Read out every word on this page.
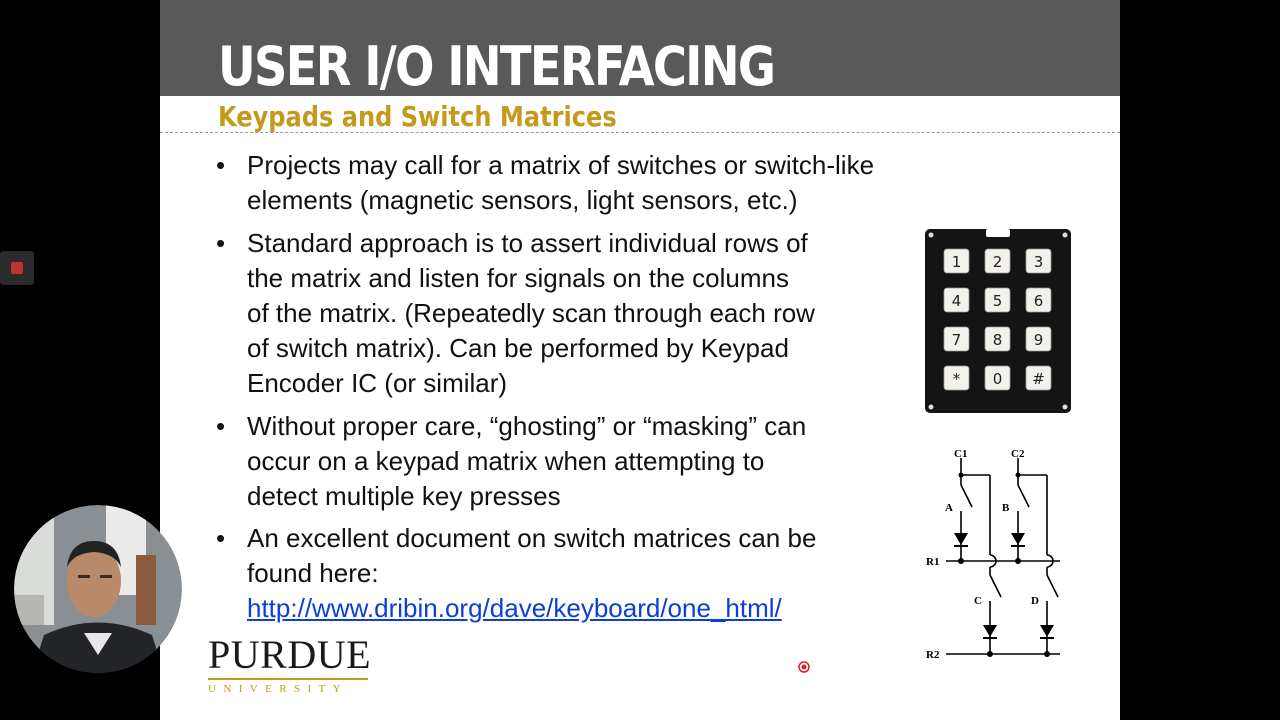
USER I/O INTERFACING
Keypads and Switch Matrices
• Projects may call for a matrix of switches or switch-like
elements (magnetic sensors, light sensors, etc.)
• Standard approach is to assert individual rows of
the matrix and listen for signals on the columns
of the matrix. (Repeatedly scan through each row
of switch matrix). Can be performed by Keypad
Encoder IC (or similar)
• Without proper care, “ghosting” or “masking” can
occur on a keypad matrix when attempting to
detect multiple key presses
• An excellent document on switch matrices can be
found here:
http://www.dribin.org/dave/keyboard/one_html/
1 2 3
4 5 6
7 8 9
* 0 #
C1	C2
R1
R2
A	B
C	D
PURDUE
UNIVERSITY
